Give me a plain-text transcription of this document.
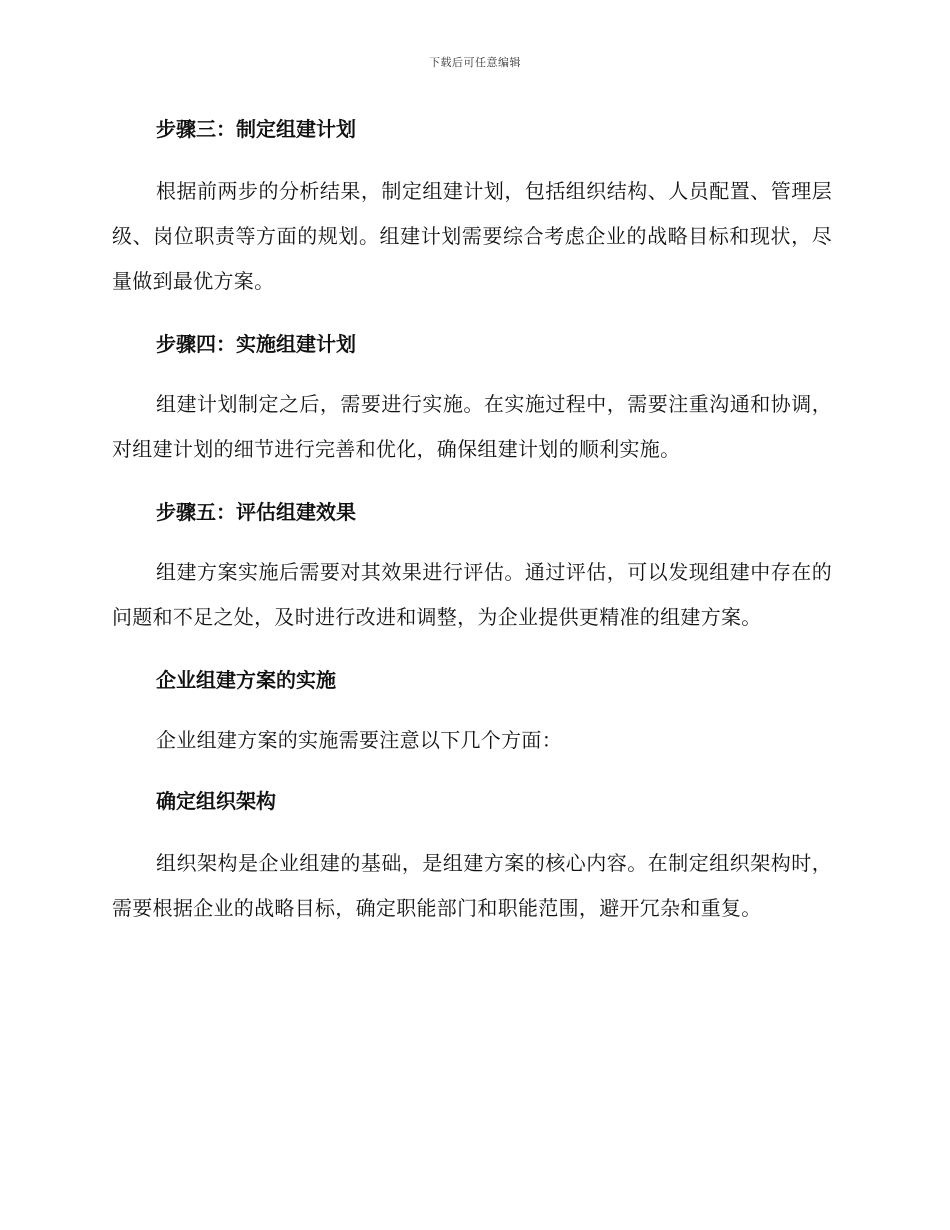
下载后可任意编辑

步骤三：制定组建计划

根据前两步的分析结果，制定组建计划，包括组织结构、人员配置、管理层级、岗位职责等方面的规划。组建计划需要综合考虑企业的战略目标和现状，尽量做到最优方案。

步骤四：实施组建计划

组建计划制定之后，需要进行实施。在实施过程中，需要注重沟通和协调，对组建计划的细节进行完善和优化，确保组建计划的顺利实施。

步骤五：评估组建效果

组建方案实施后需要对其效果进行评估。通过评估，可以发现组建中存在的问题和不足之处，及时进行改进和调整，为企业提供更精准的组建方案。

企业组建方案的实施

企业组建方案的实施需要注意以下几个方面：

确定组织架构

组织架构是企业组建的基础，是组建方案的核心内容。在制定组织架构时，需要根据企业的战略目标，确定职能部门和职能范围，避开冗杂和重复。
